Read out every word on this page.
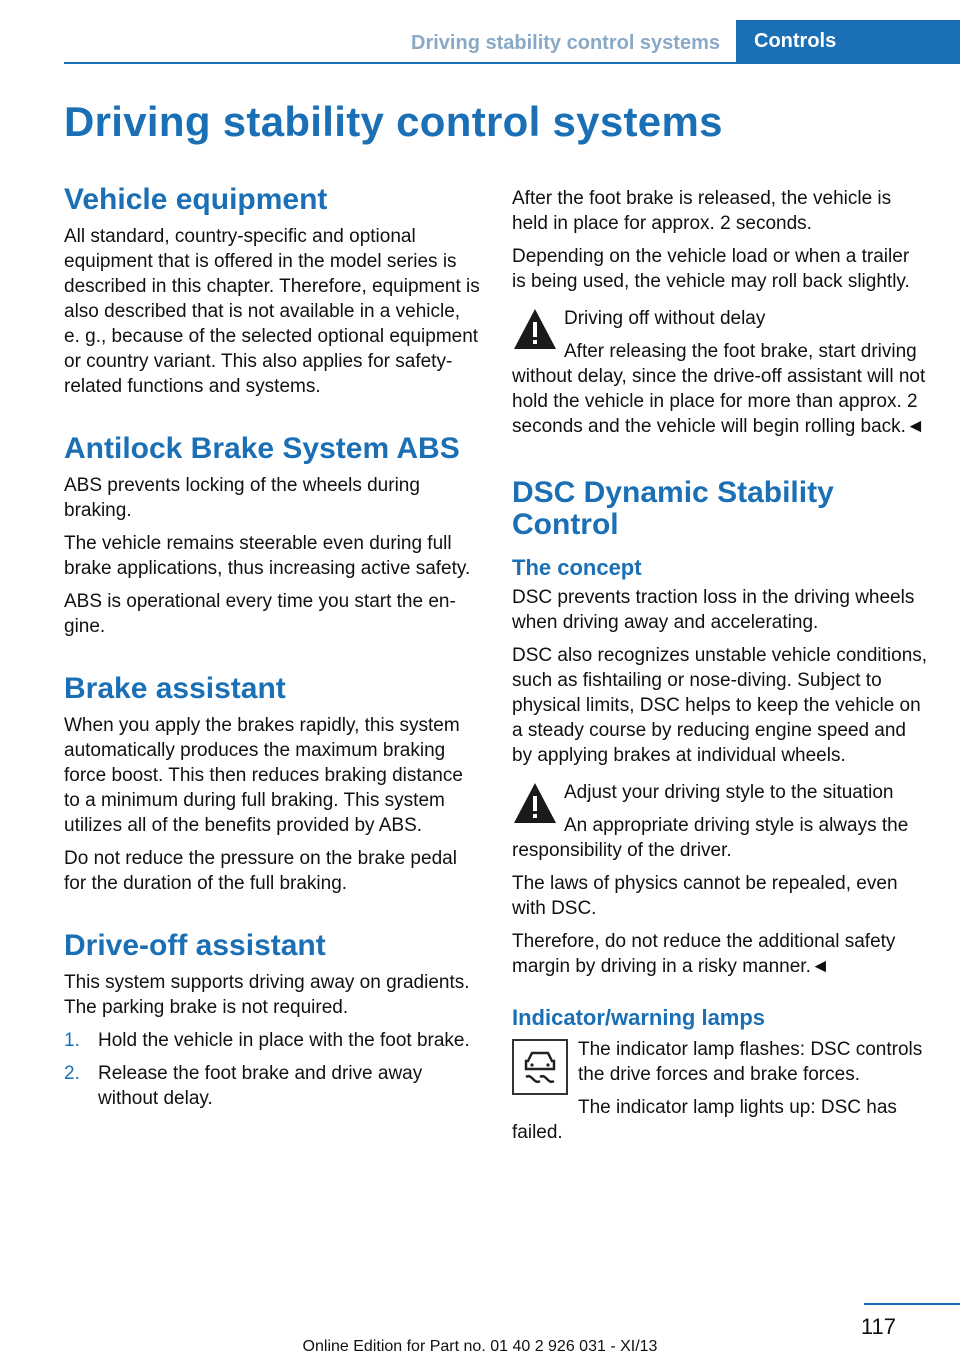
Driving stability control systems	Controls
Driving stability control systems
Vehicle equipment

All standard, country-specific and optional equipment that is offered in the model series is described in this chapter. Therefore, equipment is also described that is not available in a vehicle, e. g., because of the selected optional equipment or country variant. This also applies for safety-related functions and systems.

Antilock Brake System ABS

ABS prevents locking of the wheels during braking.

The vehicle remains steerable even during full brake applications, thus increasing active safety.

ABS is operational every time you start the engine.

Brake assistant

When you apply the brakes rapidly, this system automatically produces the maximum braking force boost. This then reduces braking distance to a minimum during full braking. This system utilizes all of the benefits provided by ABS.

Do not reduce the pressure on the brake pedal for the duration of the full braking.

Drive-off assistant

This system supports driving away on gradients. The parking brake is not required.

1. Hold the vehicle in place with the foot brake.
2. Release the foot brake and drive away without delay.

After the foot brake is released, the vehicle is held in place for approx. 2 seconds.

Depending on the vehicle load or when a trailer is being used, the vehicle may roll back slightly.

Driving off without delay

After releasing the foot brake, start driving without delay, since the drive-off assistant will not hold the vehicle in place for more than approx. 2 seconds and the vehicle will begin rolling back.◄

DSC Dynamic Stability Control
The concept

DSC prevents traction loss in the driving wheels when driving away and accelerating.

DSC also recognizes unstable vehicle conditions, such as fishtailing or nose-diving. Subject to physical limits, DSC helps to keep the vehicle on a steady course by reducing engine speed and by applying brakes at individual wheels.

Adjust your driving style to the situation

An appropriate driving style is always the responsibility of the driver.

The laws of physics cannot be repealed, even with DSC.

Therefore, do not reduce the additional safety margin by driving in a risky manner.◄

Indicator/warning lamps

The indicator lamp flashes: DSC controls the drive forces and brake forces.

The indicator lamp lights up: DSC has failed.

117
Online Edition for Part no. 01 40 2 926 031 - XI/13
